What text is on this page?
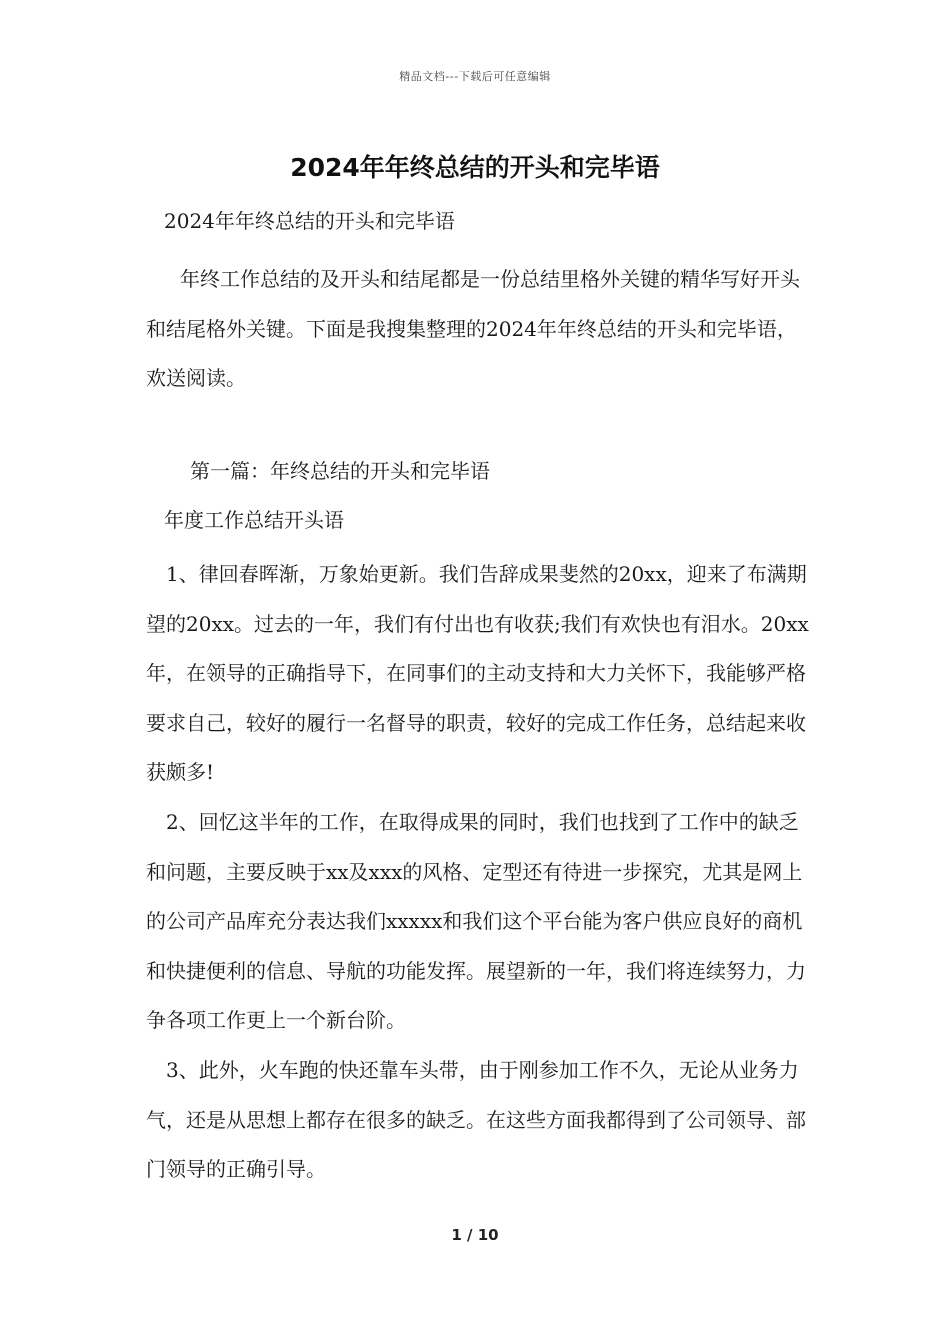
精品文档---下载后可任意编辑
2024年年终总结的开头和完毕语

2024年年终总结的开头和完毕语

年终工作总结的及开头和结尾都是一份总结里格外关键的精华写好开头和结尾格外关键。下面是我搜集整理的2024年年终总结的开头和完毕语，欢送阅读。

第一篇：年终总结的开头和完毕语

年度工作总结开头语

1、律回春晖渐，万象始更新。我们告辞成果斐然的20xx，迎来了布满期望的20xx。过去的一年，我们有付出也有收获;我们有欢快也有泪水。20xx年，在领导的正确指导下，在同事们的主动支持和大力关怀下，我能够严格要求自己，较好的履行一名督导的职责，较好的完成工作任务，总结起来收获颇多!

2、回忆这半年的工作，在取得成果的同时，我们也找到了工作中的缺乏和问题，主要反映于xx及xxx的风格、定型还有待进一步探究，尤其是网上的公司产品库充分表达我们xxxxx和我们这个平台能为客户供应良好的商机和快捷便利的信息、导航的功能发挥。展望新的一年，我们将连续努力，力争各项工作更上一个新台阶。

3、此外，火车跑的快还靠车头带，由于刚参加工作不久，无论从业务力气，还是从思想上都存在很多的缺乏。在这些方面我都得到了公司领导、部门领导的正确引导。

1 / 10
